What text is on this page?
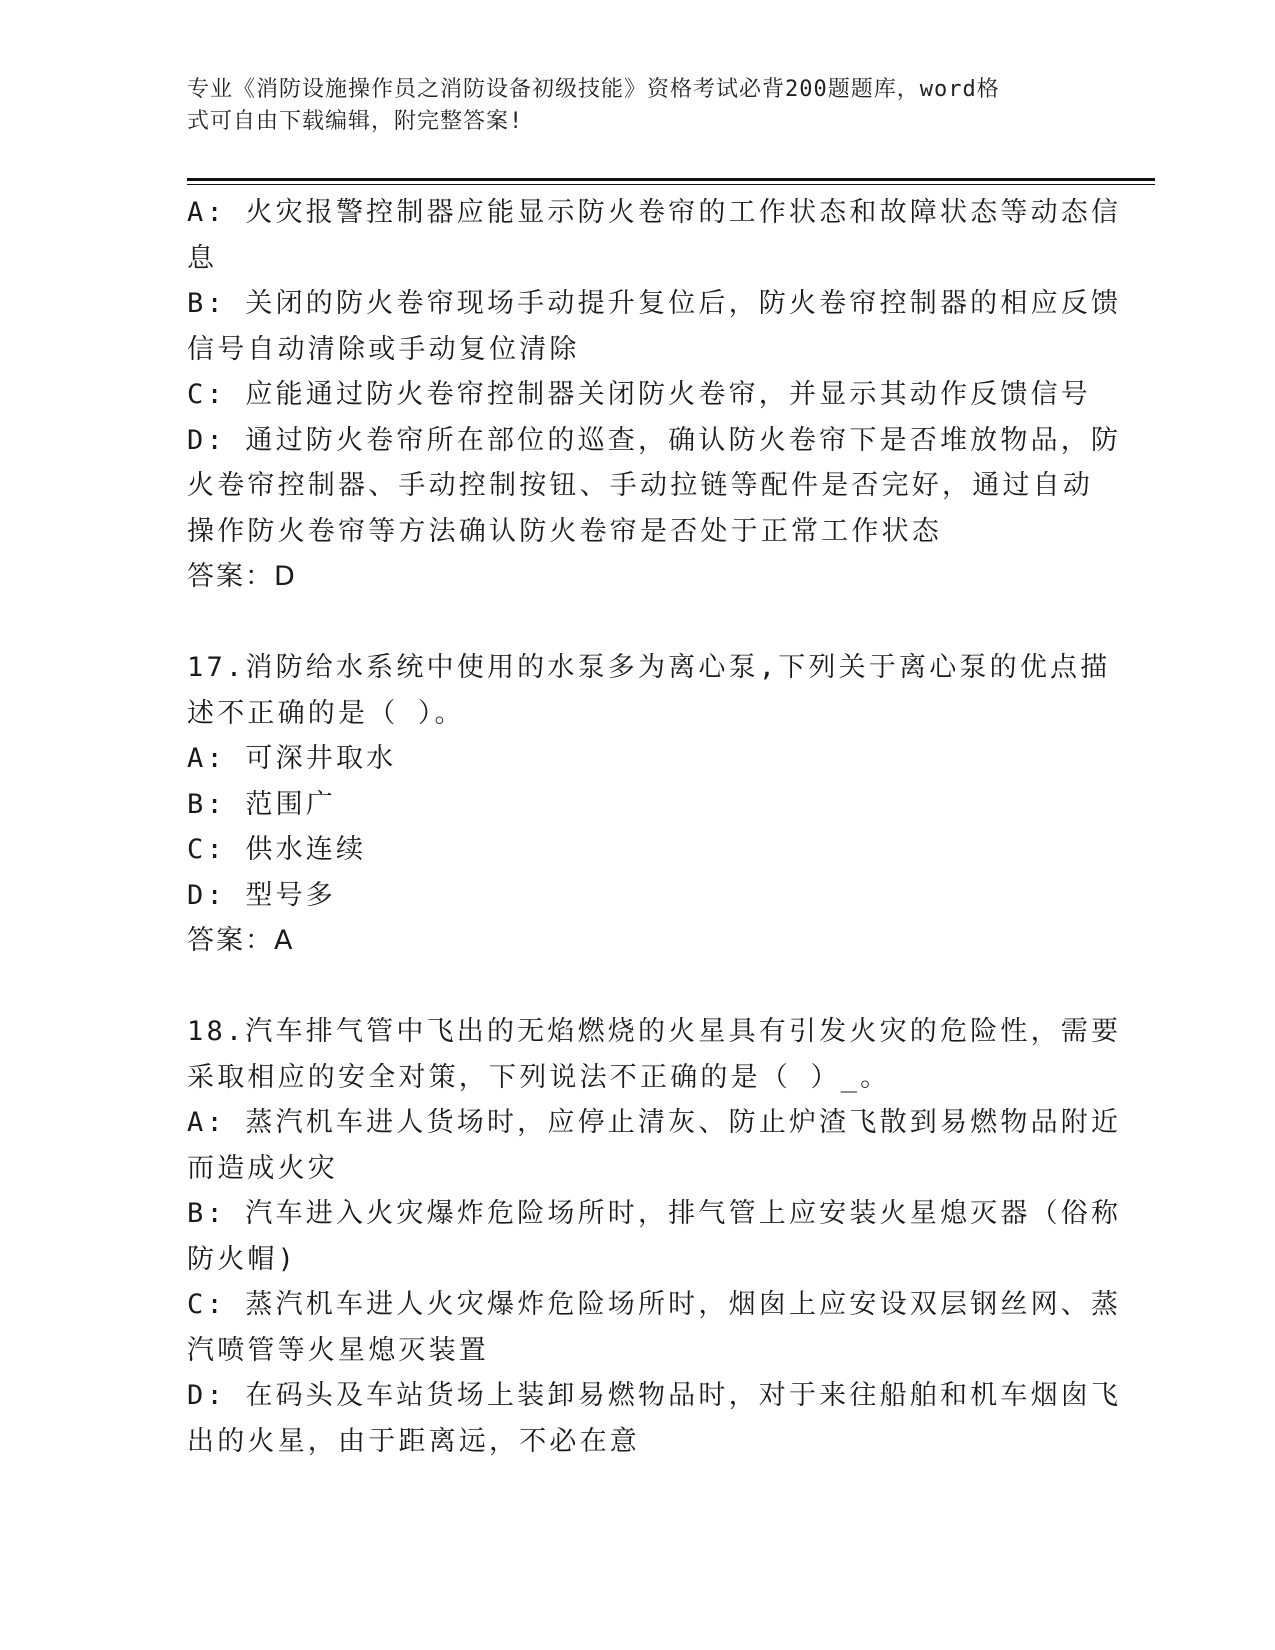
专业《消防设施操作员之消防设备初级技能》资格考试必背200题题库，word格
式可自由下载编辑，附完整答案!
A: 火灾报警控制器应能显示防火卷帘的工作状态和故障状态等动态信
息
B: 关闭的防火卷帘现场手动提升复位后，防火卷帘控制器的相应反馈
信号自动清除或手动复位清除
C: 应能通过防火卷帘控制器关闭防火卷帘，并显示其动作反馈信号
D: 通过防火卷帘所在部位的巡查，确认防火卷帘下是否堆放物品，防
火卷帘控制器、手动控制按钮、手动拉链等配件是否完好，通过自动
操作防火卷帘等方法确认防火卷帘是否处于正常工作状态
答案：D
17.消防给水系统中使用的水泵多为离心泵,下列关于离心泵的优点描
述不正确的是（ ）。
A: 可深井取水
B: 范围广
C: 供水连续
D: 型号多
答案：A
18.汽车排气管中飞出的无焰燃烧的火星具有引发火灾的危险性，需要
采取相应的安全对策，下列说法不正确的是（ ）_。
A: 蒸汽机车进人货场时，应停止清灰、防止炉渣飞散到易燃物品附近
而造成火灾
B: 汽车进入火灾爆炸危险场所时，排气管上应安装火星熄灭器（俗称
防火帽)
C: 蒸汽机车进人火灾爆炸危险场所时，烟囱上应安设双层钢丝网、蒸
汽喷管等火星熄灭装置
D: 在码头及车站货场上装卸易燃物品时，对于来往船舶和机车烟囱飞
出的火星，由于距离远，不必在意
